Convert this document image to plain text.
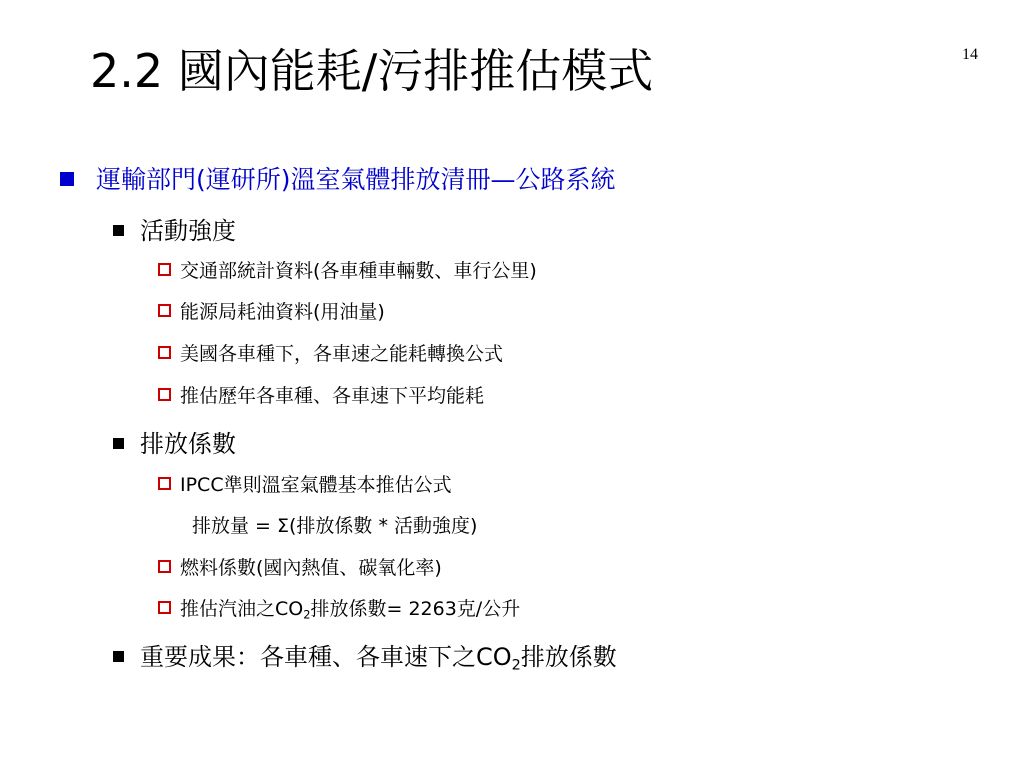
14
2.2 國內能耗/污排推估模式
運輸部門(運研所)溫室氣體排放清冊—公路系統
活動強度
交通部統計資料(各車種車輛數、車行公里)
能源局耗油資料(用油量)
美國各車種下，各車速之能耗轉換公式
推估歷年各車種、各車速下平均能耗
排放係數
IPCC準則溫室氣體基本推估公式
排放量 = Σ(排放係數 * 活動強度)
燃料係數(國內熱值、碳氧化率)
推估汽油之$CO_2$排放係數= 2263克/公升
重要成果：各車種、各車速下之$CO_2$排放係數
